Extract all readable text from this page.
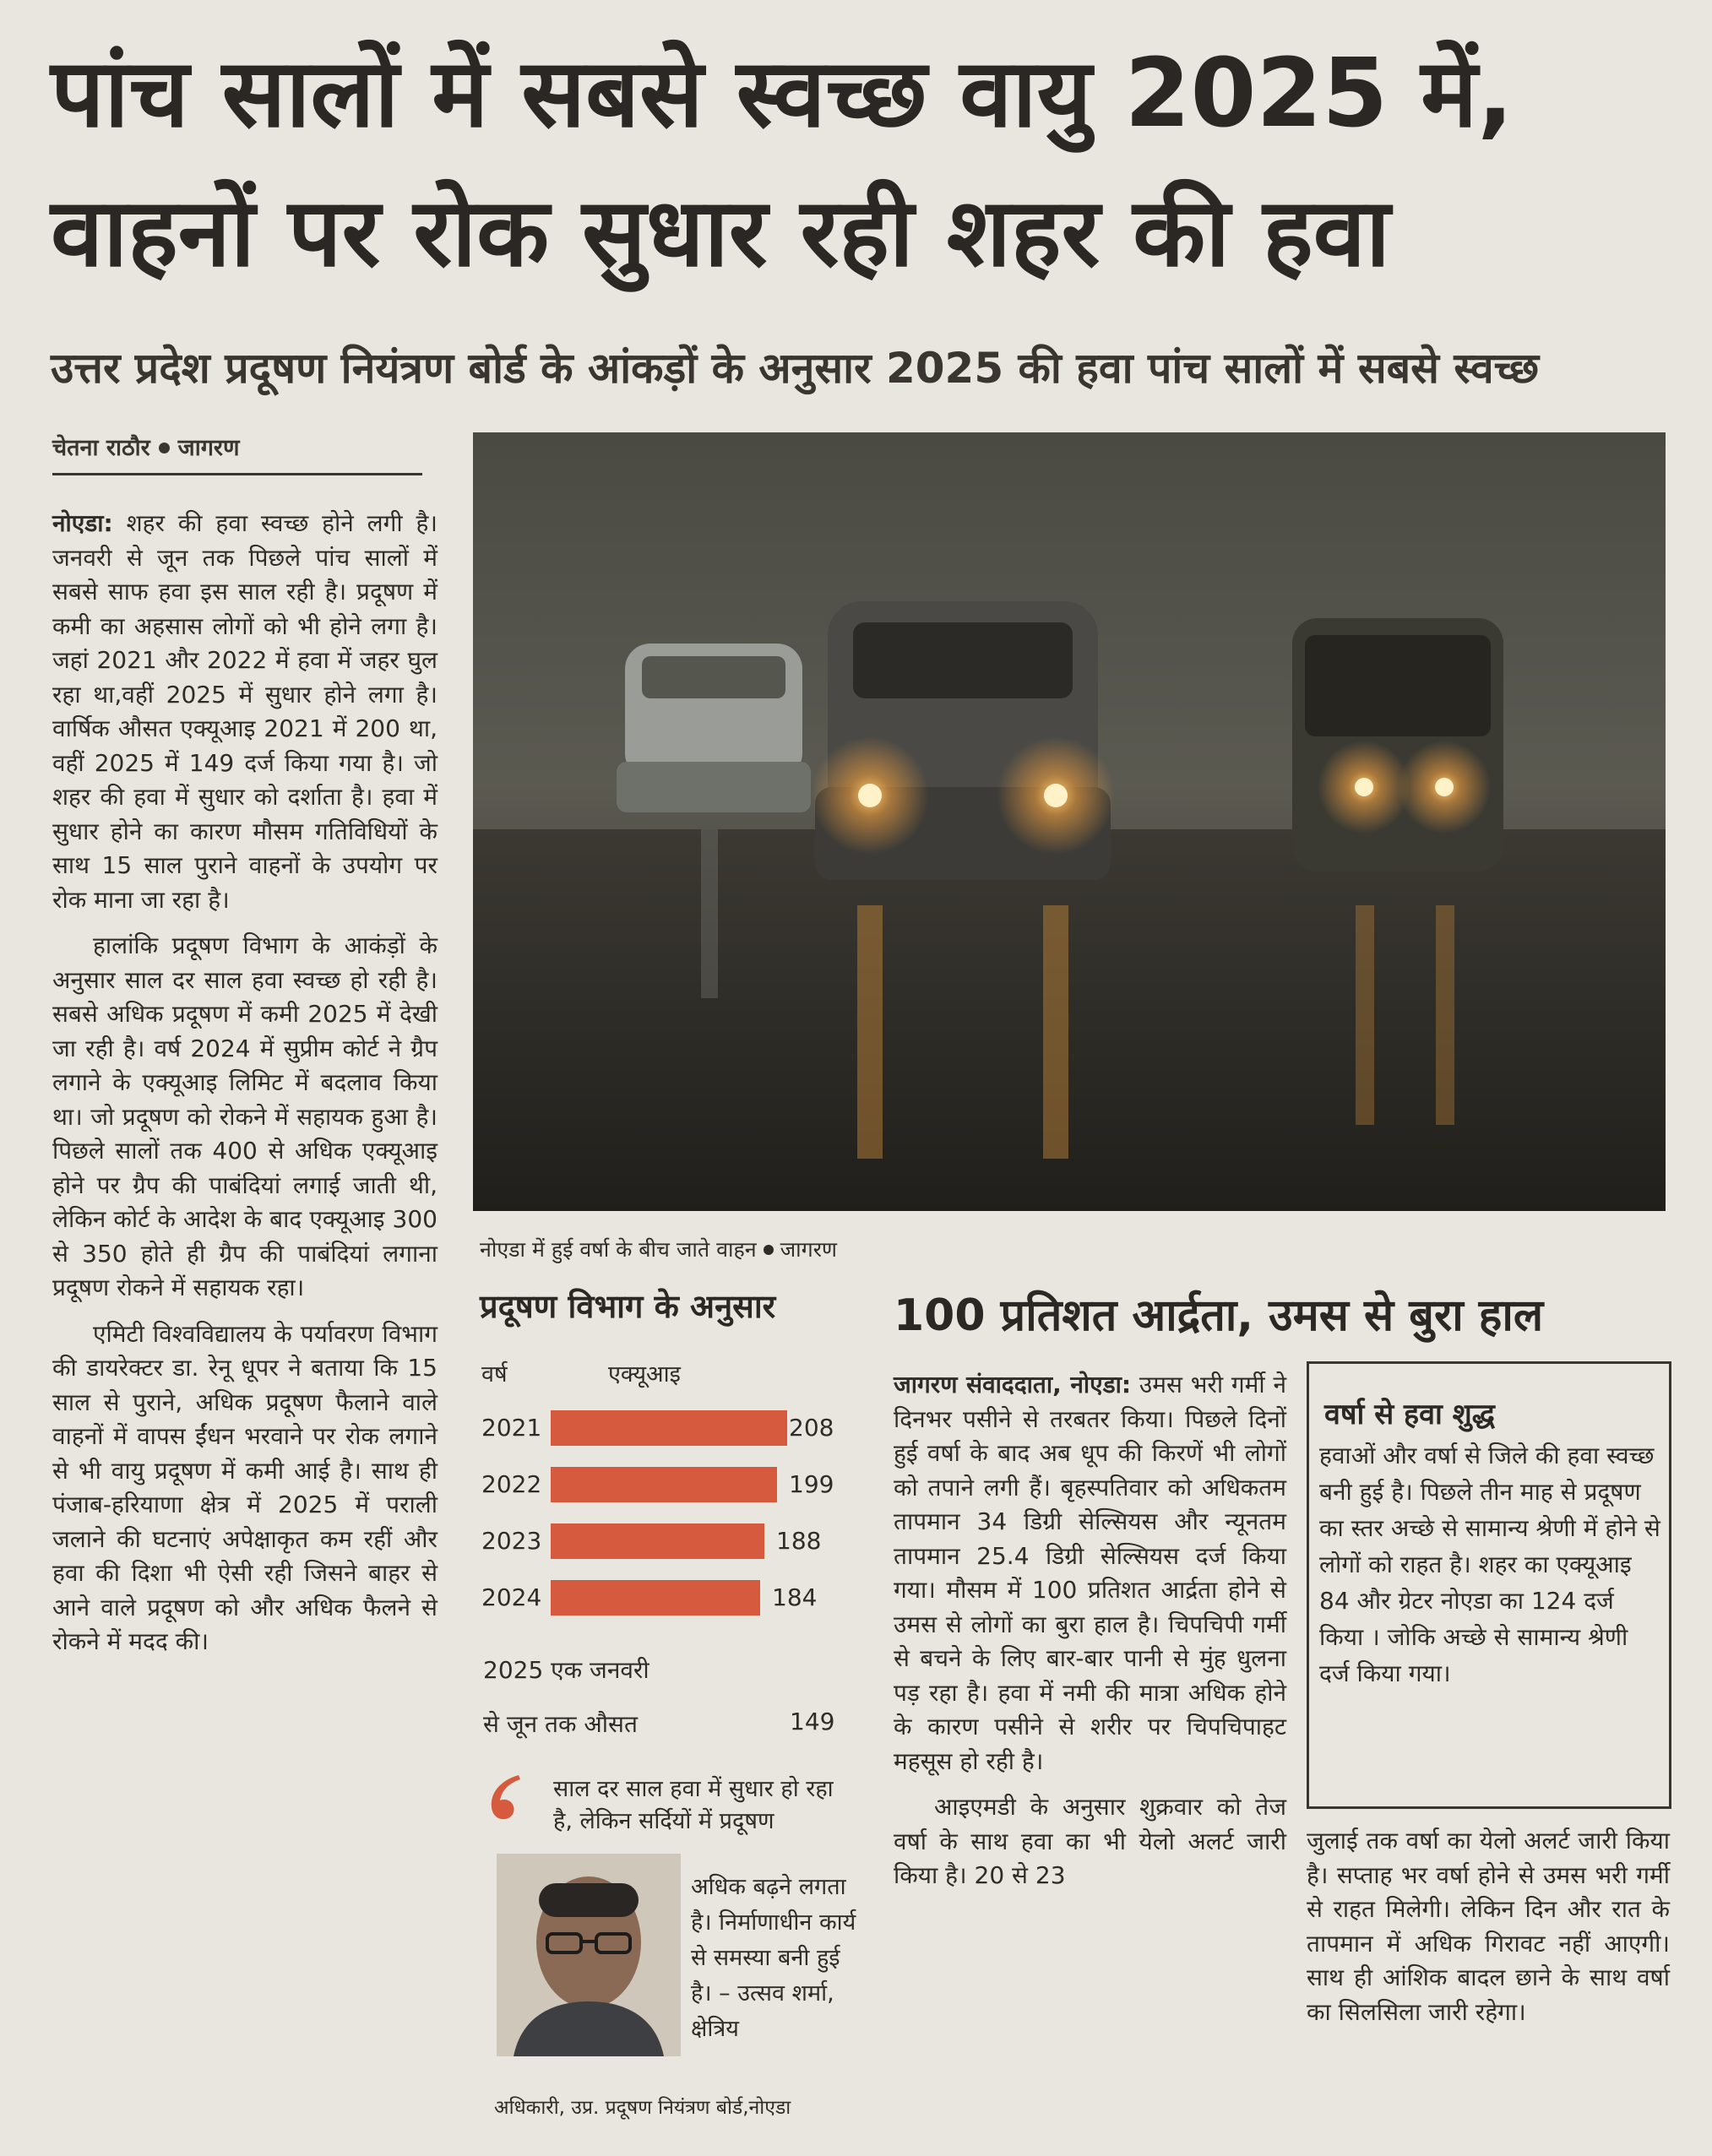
पांच सालों में सबसे स्वच्छ वायु 2025 में,
वाहनों पर रोक सुधार रही शहर की हवा
उत्तर प्रदेश प्रदूषण नियंत्रण बोर्ड के आंकड़ों के अनुसार 2025 की हवा पांच सालों में सबसे स्वच्छ
चेतना राठौर जागरण

नोएडा: शहर की हवा स्वच्छ होने लगी है। जनवरी से जून तक पिछले पांच सालों में सबसे साफ हवा इस साल रही है। प्रदूषण में कमी का अहसास लोगों को भी होने लगा है। जहां 2021 और 2022 में हवा में जहर घुल रहा था,वहीं 2025 में सुधार होने लगा है। वार्षिक औसत एक्यूआइ 2021 में 200 था, वहीं 2025 में 149 दर्ज किया गया है। जो शहर की हवा में सुधार को दर्शाता है। हवा में सुधार होने का कारण मौसम गतिविधियों के साथ 15 साल पुराने वाहनों के उपयोग पर रोक माना जा रहा है।

हालांकि प्रदूषण विभाग के आकंड़ों के अनुसार साल दर साल हवा स्वच्छ हो रही है। सबसे अधिक प्रदूषण में कमी 2025 में देखी जा रही है। वर्ष 2024 में सुप्रीम कोर्ट ने ग्रैप लगाने के एक्यूआइ लिमिट में बदलाव किया था। जो प्रदूषण को रोकने में सहायक हुआ है। पिछले सालों तक 400 से अधिक एक्यूआइ होने पर ग्रैप की पाबंदियां लगाई जाती थी, लेकिन कोर्ट के आदेश के बाद एक्यूआइ 300 से 350 होते ही ग्रैप की पाबंदियां लगाना प्रदूषण रोकने में सहायक रहा।

एमिटी विश्वविद्यालय के पर्यावरण विभाग की डायरेक्टर डा. रेनू धूपर ने बताया कि 15 साल से पुराने, अधिक प्रदूषण फैलाने वाले वाहनों में वापस ईंधन भरवाने पर रोक लगाने से भी वायु प्रदूषण में कमी आई है। साथ ही पंजाब-हरियाणा क्षेत्र में 2025 में पराली जलाने की घटनाएं अपेक्षाकृत कम रहीं और हवा की दिशा भी ऐसी रही जिसने बाहर से आने वाले प्रदूषण को और अधिक फैलने से रोकने में मदद की।

नोएडा में हुई वर्षा के बीच जाते वाहन जागरण
प्रदूषण विभाग के अनुसार
वर्ष	एक्यूआइ
2021	208
2022	199
2023	188
2024	184
2025 एक जनवरी
से जून तक औसत	149
साल दर साल हवा में सुधार हो रहा है, लेकिन सर्दियों में प्रदूषण
अधिक बढ़ने लगता है। निर्माणाधीन कार्य से समस्या बनी हुई है। – उत्सव शर्मा, क्षेत्रिय
अधिकारी, उप्र. प्रदूषण नियंत्रण बोर्ड,नोएडा
100 प्रतिशत आर्द्रता, उमस से बुरा हाल

जागरण संवाददाता, नोएडा: उमस भरी गर्मी ने दिनभर पसीने से तरबतर किया। पिछले दिनों हुई वर्षा के बाद अब धूप की किरणें भी लोगों को तपाने लगी हैं। बृहस्पतिवार को अधिकतम तापमान 34 डिग्री सेल्सियस और न्यूनतम तापमान 25.4 डिग्री सेल्सियस दर्ज किया गया। मौसम में 100 प्रतिशत आर्द्रता होने से उमस से लोगों का बुरा हाल है। चिपचिपी गर्मी से बचने के लिए बार-बार पानी से मुंह धुलना पड़ रहा है। हवा में नमी की मात्रा अधिक होने के कारण पसीने से शरीर पर चिपचिपाहट महसूस हो रही है।

आइएमडी के अनुसार शुक्रवार को तेज वर्षा के साथ हवा का भी येलो अलर्ट जारी किया है। 20 से 23

वर्षा से हवा शुद्ध
हवाओं और वर्षा से जिले की हवा स्वच्छ बनी हुई है। पिछले तीन माह से प्रदूषण का स्तर अच्छे से सामान्य श्रेणी में होने से लोगों को राहत है। शहर का एक्यूआइ 84 और ग्रेटर नोएडा का 124 दर्ज किया । जोकि अच्छे से सामान्य श्रेणी दर्ज किया गया।

जुलाई तक वर्षा का येलो अलर्ट जारी किया है। सप्ताह भर वर्षा होने से उमस भरी गर्मी से राहत मिलेगी। लेकिन दिन और रात के तापमान में अधिक गिरावट नहीं आएगी। साथ ही आंशिक बादल छाने के साथ वर्षा का सिलसिला जारी रहेगा।
